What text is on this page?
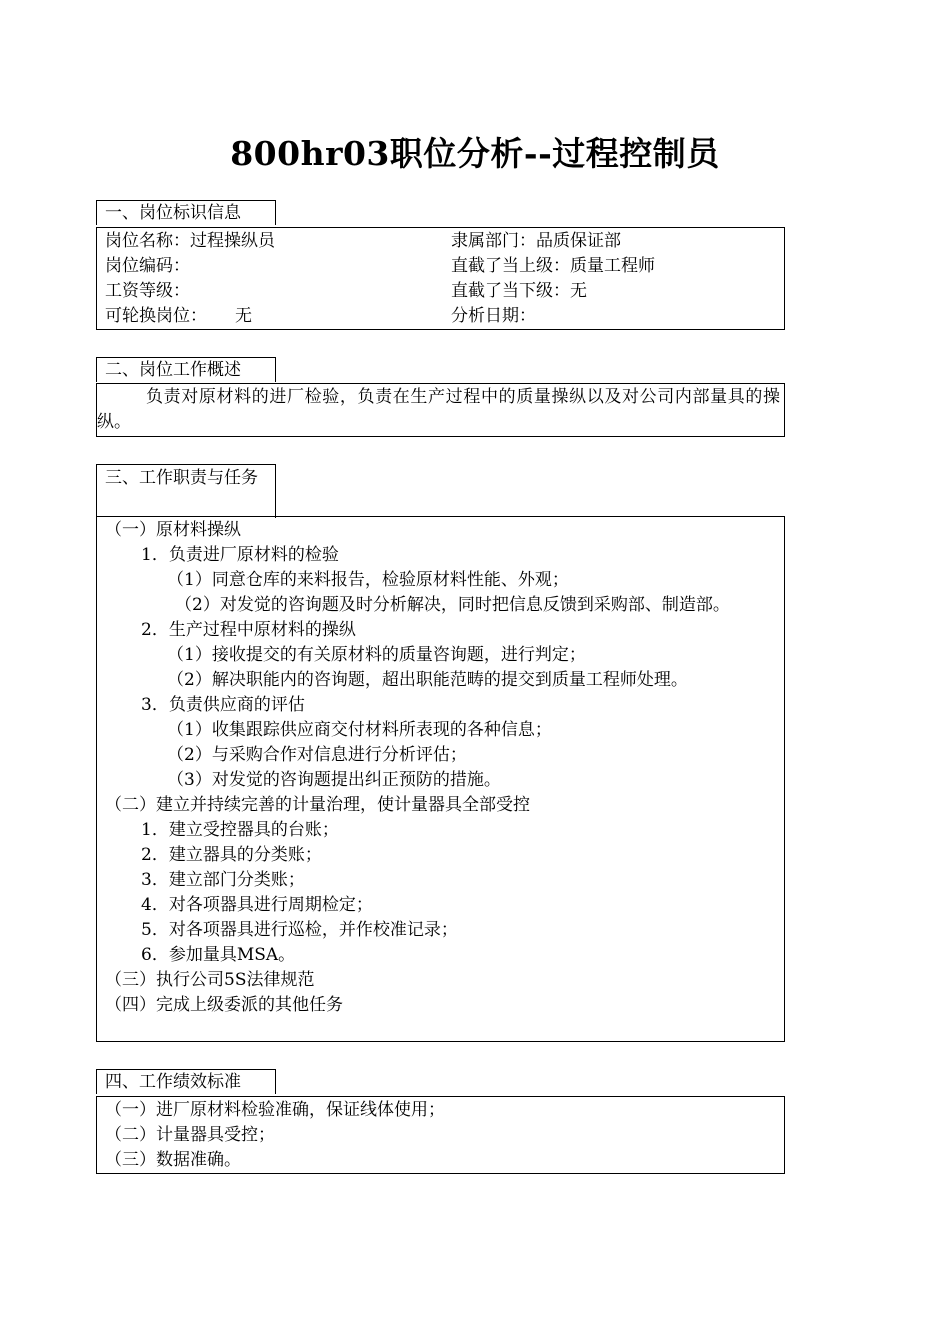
800hr03职位分析--过程控制员
一、岗位标识信息
岗位名称：过程操纵员	隶属部门：品质保证部
岗位编码：	直截了当上级：质量工程师
工资等级：	直截了当下级：无
可轮换岗位： 无	分析日期：
二、岗位工作概述
负责对原材料的进厂检验，负责在生产过程中的质量操纵以及对公司内部量具的操纵。
三、工作职责与任务
（一）原材料操纵
1．负责进厂原材料的检验
（1）同意仓库的来料报告，检验原材料性能、外观；
（2）对发觉的咨询题及时分析解决，同时把信息反馈到采购部、制造部。
2．生产过程中原材料的操纵
（1）接收提交的有关原材料的质量咨询题，进行判定；
（2）解决职能内的咨询题，超出职能范畴的提交到质量工程师处理。
3．负责供应商的评估
（1）收集跟踪供应商交付材料所表现的各种信息；
（2）与采购合作对信息进行分析评估；
（3）对发觉的咨询题提出纠正预防的措施。
（二）建立并持续完善的计量治理，使计量器具全部受控
1．建立受控器具的台账；
2．建立器具的分类账；
3．建立部门分类账；
4．对各项器具进行周期检定；
5．对各项器具进行巡检，并作校准记录；
6．参加量具MSA。
（三）执行公司5S法律规范
（四）完成上级委派的其他任务
四、工作绩效标准
（一）进厂原材料检验准确，保证线体使用；
（二）计量器具受控；
（三）数据准确。
